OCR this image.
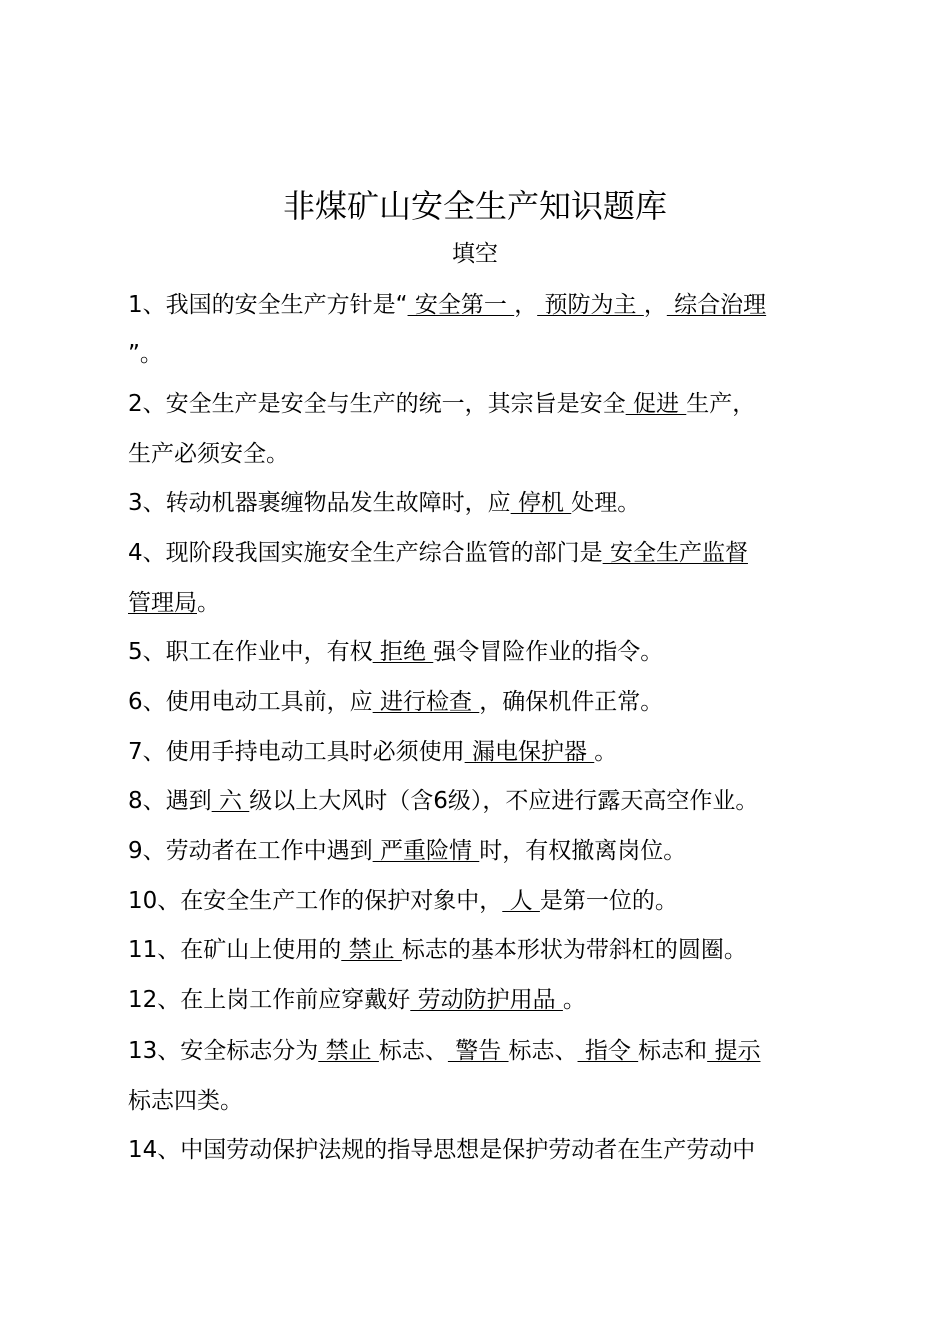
非煤矿山安全生产知识题库
填空
1、我国的安全生产方针是“ 安全第一 ， 预防为主 ， 综合治理
”。
2、安全生产是安全与生产的统一，其宗旨是安全 促进 生产，
生产必须安全。
3、转动机器裹缠物品发生故障时，应 停机 处理。
4、现阶段我国实施安全生产综合监管的部门是 安全生产监督
管理局。
5、职工在作业中，有权 拒绝 强令冒险作业的指令。
6、使用电动工具前，应 进行检查 ，确保机件正常。
7、使用手持电动工具时必须使用 漏电保护器 。
8、遇到 六 级以上大风时（含6级），不应进行露天高空作业。
9、劳动者在工作中遇到 严重险情 时，有权撤离岗位。
10、在安全生产工作的保护对象中， 人 是第一位的。
11、在矿山上使用的 禁止 标志的基本形状为带斜杠的圆圈。
12、在上岗工作前应穿戴好 劳动防护用品 。
13、安全标志分为 禁止 标志、 警告 标志、 指令 标志和 提示
标志四类。
14、中国劳动保护法规的指导思想是保护劳动者在生产劳动中
